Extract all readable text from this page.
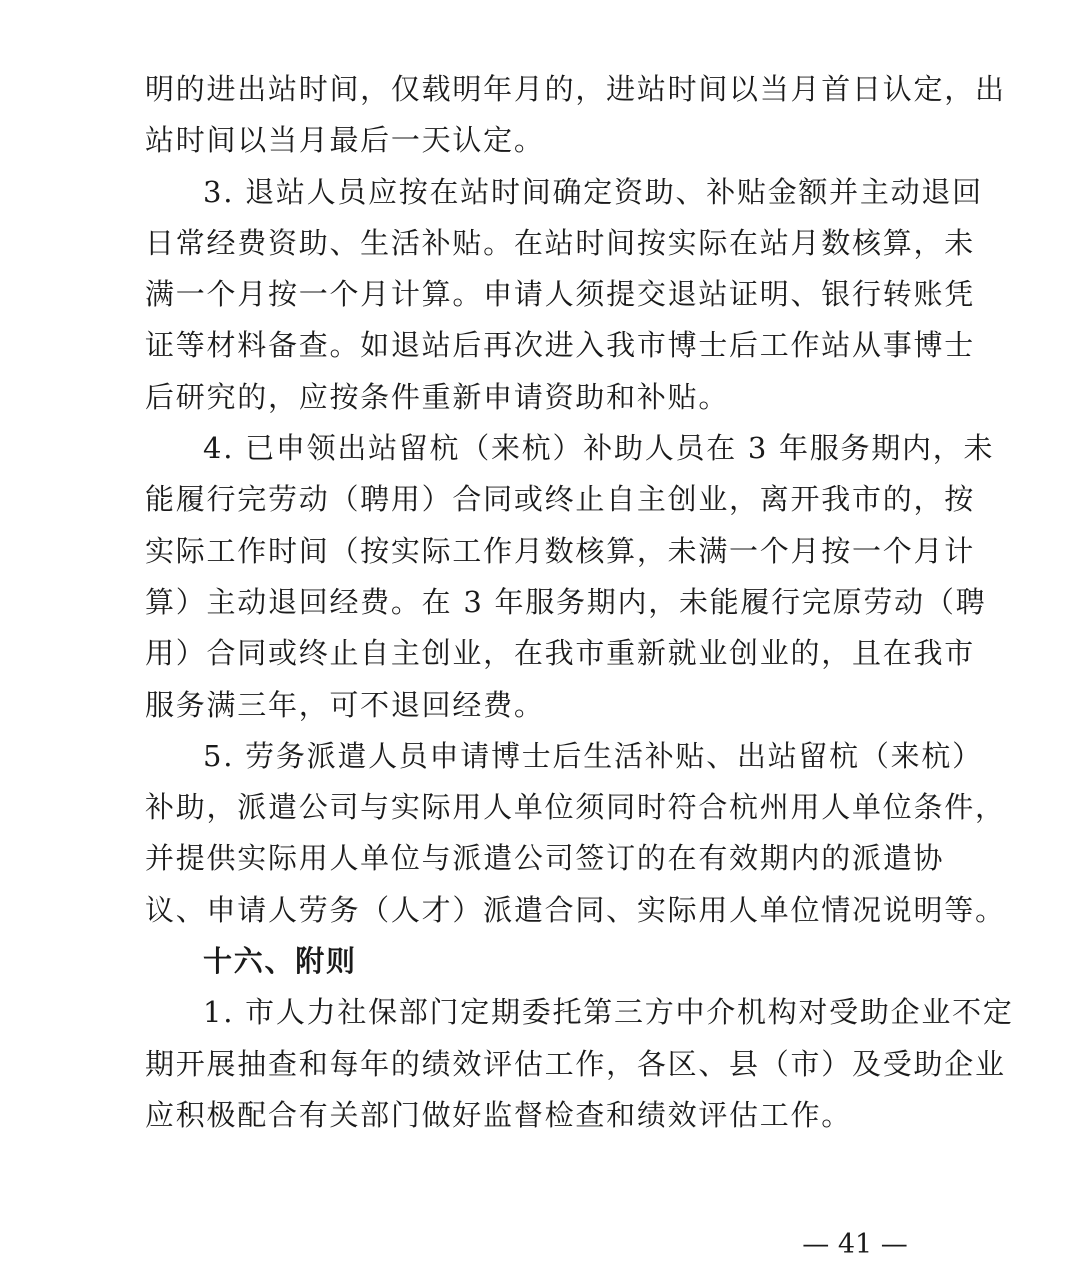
明的进出站时间，仅载明年月的，进站时间以当月首日认定，出
站时间以当月最后一天认定。
3. 退站人员应按在站时间确定资助、补贴金额并主动退回
日常经费资助、生活补贴。在站时间按实际在站月数核算，未
满一个月按一个月计算。申请人须提交退站证明、银行转账凭
证等材料备查。如退站后再次进入我市博士后工作站从事博士
后研究的，应按条件重新申请资助和补贴。
4. 已申领出站留杭（来杭）补助人员在 3 年服务期内，未
能履行完劳动（聘用）合同或终止自主创业，离开我市的，按
实际工作时间（按实际工作月数核算，未满一个月按一个月计
算）主动退回经费。在 3 年服务期内，未能履行完原劳动（聘
用）合同或终止自主创业，在我市重新就业创业的，且在我市
服务满三年，可不退回经费。
5. 劳务派遣人员申请博士后生活补贴、出站留杭（来杭）
补助，派遣公司与实际用人单位须同时符合杭州用人单位条件，
并提供实际用人单位与派遣公司签订的在有效期内的派遣协
议、申请人劳务（人才）派遣合同、实际用人单位情况说明等。
十六、附则
1. 市人力社保部门定期委托第三方中介机构对受助企业不定
期开展抽查和每年的绩效评估工作，各区、县（市）及受助企业
应积极配合有关部门做好监督检查和绩效评估工作。
— 41 —
